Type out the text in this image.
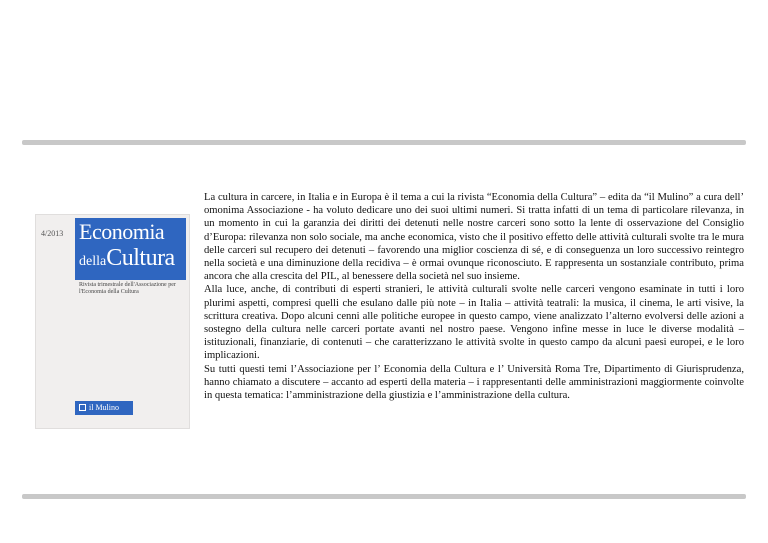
4/2013 Economia
dellaCultura
Rivista trimestrale dell'Associazione per l'Economia della Cultura
il Mulino

La cultura in carcere, in Italia e in Europa è il tema a cui la rivista “Economia della Cultura” – edita da “il Mulino” a cura dell’ omonima Associazione - ha voluto dedicare uno dei suoi ultimi numeri. Si tratta infatti di un tema di particolare rilevanza, in un momento in cui la garanzia dei diritti dei detenuti nelle nostre carceri sono sotto la lente di osservazione del Consiglio d’Europa: rilevanza non solo sociale, ma anche economica, visto che il positivo effetto delle attività culturali svolte tra le mura delle carceri sul recupero dei detenuti – favorendo una miglior coscienza di sé, e di conseguenza un loro successivo reintegro nella società e una diminuzione della recidiva – è ormai ovunque riconosciuto. E rappresenta un sostanziale contributo, prima ancora che alla crescita del PIL, al benessere della società nel suo insieme.

Alla luce, anche, di contributi di esperti stranieri, le attività culturali svolte nelle carceri vengono esaminate in tutti i loro plurimi aspetti, compresi quelli che esulano dalle più note – in Italia – attività teatrali: la musica, il cinema, le arti visive, la scrittura creativa. Dopo alcuni cenni alle politiche europee in questo campo, viene analizzato l’alterno evolversi delle azioni a sostegno della cultura nelle carceri portate avanti nel nostro paese. Vengono infine messe in luce le diverse modalità – istituzionali, finanziarie, di contenuti – che caratterizzano le attività svolte in questo campo da alcuni paesi europei, e le loro implicazioni.

Su tutti questi temi l’Associazione per l’ Economia della Cultura e l’ Università Roma Tre, Dipartimento di Giurisprudenza, hanno chiamato a discutere – accanto ad esperti della materia – i rappresentanti delle amministrazioni maggiormente coinvolte in questa tematica: l’amministrazione della giustizia e l’amministrazione della cultura.
